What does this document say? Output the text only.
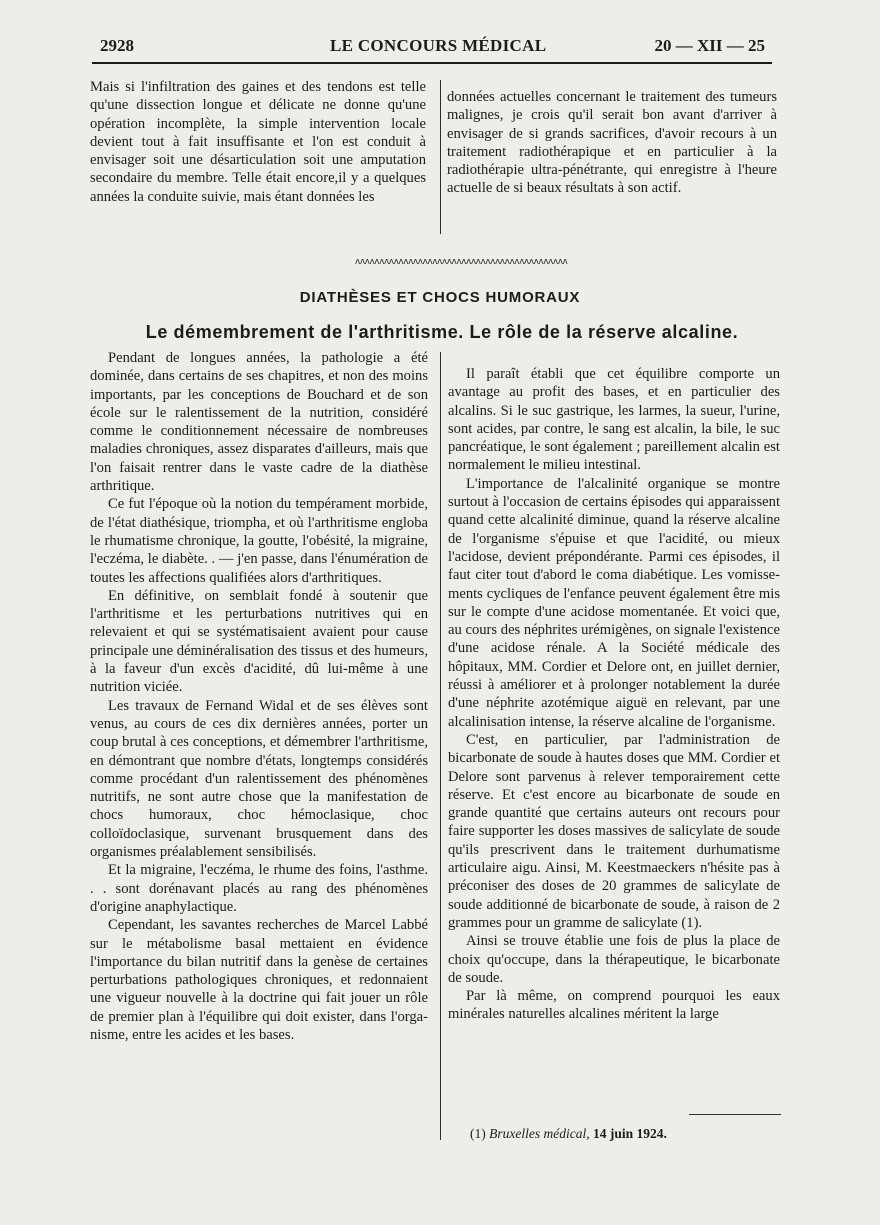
2928	LE CONCOURS MÉDICAL	20 — XII — 25

Mais si l'infiltration des gaines et des tendons est telle qu'une dissection longue et délicate ne donne qu'une opération incomplète, la simple intervention locale devient tout à fait insuffisante et l'on est conduit à envisager soit une désarticulation soit une amputation secondaire du membre. Telle était encore,il y a quelques années la conduite suivie, mais étant données les

données actuelles concernant le traitement des tumeurs malignes, je crois qu'il serait bon avant d'arriver à envisager de si grands sacrifices, d'avoir recours à un traitement radiothérapique et en particulier à la radiothérapie ultra-pénétrante, qui enregistre à l'heure actuelle de si beaux résultats à son actif.

ᴧᴧᴧᴧᴧᴧᴧᴧᴧᴧᴧᴧᴧᴧᴧᴧᴧᴧᴧᴧᴧᴧᴧᴧᴧᴧᴧᴧᴧᴧᴧᴧᴧᴧᴧᴧᴧᴧᴧᴧᴧᴧᴧᴧ
DIATHÈSES ET CHOCS HUMORAUX
Le démembrement de l'arthritisme. Le rôle de la réserve alcaline.

Pendant de longues années, la pathologie a été dominée, dans certains de ses chapitres, et non des moins importants, par les conceptions de Bouchard et de son école sur le ralentissement de la nutrition, considéré comme le conditionnement nécessaire de nombreuses maladies chroniques, assez disparates d'ailleurs, mais que l'on faisait rentrer dans le vaste cadre de la diathèse arthritique.

Ce fut l'époque où la notion du tempérament morbide, de l'état diathésique, triompha, et où l'arthritisme engloba le rhumatisme chronique, la goutte, l'obésité, la migraine, l'eczéma, le diabète. . — j'en passe, dans l'énumération de toutes les affections qualifiées alors d'arthritiques.

En définitive, on semblait fondé à soutenir que l'arthritisme et les perturbations nutritives qui en relevaient et qui se systématisaient avaient pour cause principale une déminéralisation des tissus et des humeurs, à la faveur d'un excès d'acidité, dû lui-même à une nutrition viciée.

Les travaux de Fernand Widal et de ses élèves sont venus, au cours de ces dix dernières années, porter un coup brutal à ces conceptions, et démembrer l'arthritisme, en démontrant que nombre d'états, longtemps considérés comme procédant d'un ralentissement des phénomènes nutritifs, ne sont autre chose que la manifestation de chocs humoraux, choc hémoclasique, choc colloïdoclasique, survenant brusquement dans des organismes préalablement sensibilisés.

Et la migraine, l'eczéma, le rhume des foins, l'asthme. . . sont dorénavant placés au rang des phénomènes d'origine anaphylactique.

Cependant, les savantes recherches de Marcel Labbé sur le métabolisme basal mettaient en évidence l'importance du bilan nutritif dans la genèse de certaines perturbations pathologiques chroniques, et redonnaient une vigueur nouvelle à la doctrine qui fait jouer un rôle de premier plan à l'équilibre qui doit exister, dans l'organisme, entre les acides et les bases.

Il paraît établi que cet équilibre comporte un avantage au profit des bases, et en particulier des alcalins. Si le suc gastrique, les larmes, la sueur, l'urine, sont acides, par contre, le sang est alcalin, la bile, le suc pancréatique, le sont également ; pareillement alcalin est normalement le milieu intestinal.

L'importance de l'alcalinité organique se montre surtout à l'occasion de certains épisodes qui apparaissent quand cette alcalinité diminue, quand la réserve alcaline de l'organisme s'épuise et que l'acidité, ou mieux l'acidose, devient prépondérante. Parmi ces épisodes, il faut citer tout d'abord le coma diabétique. Les vomissements cycliques de l'enfance peuvent également être mis sur le compte d'une acidose momentanée. Et voici que, au cours des néphrites urémigènes, on signale l'existence d'une acidose rénale. A la Société médicale des hôpitaux, MM. Cordier et Delore ont, en juillet dernier, réussi à améliorer et à prolonger notablement la durée d'une néphrite azotémique aiguë en relevant, par une alcalinisation intense, la réserve alcaline de l'organisme.

C'est, en particulier, par l'administration de bicarbonate de soude à hautes doses que MM. Cordier et Delore sont parvenus à relever temporairement cette réserve. Et c'est encore au bicarbonate de soude en grande quantité que certains auteurs ont recours pour faire supporter les doses massives de salicylate de soude qu'ils prescrivent dans le traitement durhumatisme articulaire aigu. Ainsi, M. Keestmaeckers n'hésite pas à préconiser des doses de 20 grammes de salicylate de soude additionné de bicarbonate de soude, à raison de 2 grammes pour un gramme de salicylate (1).

Ainsi se trouve établie une fois de plus la place de choix qu'occupe, dans la thérapeutique, le bicarbonate de soude.

Par là même, on comprend pourquoi les eaux minérales naturelles alcalines méritent la large

(1) Bruxelles médical, 14 juin 1924.
